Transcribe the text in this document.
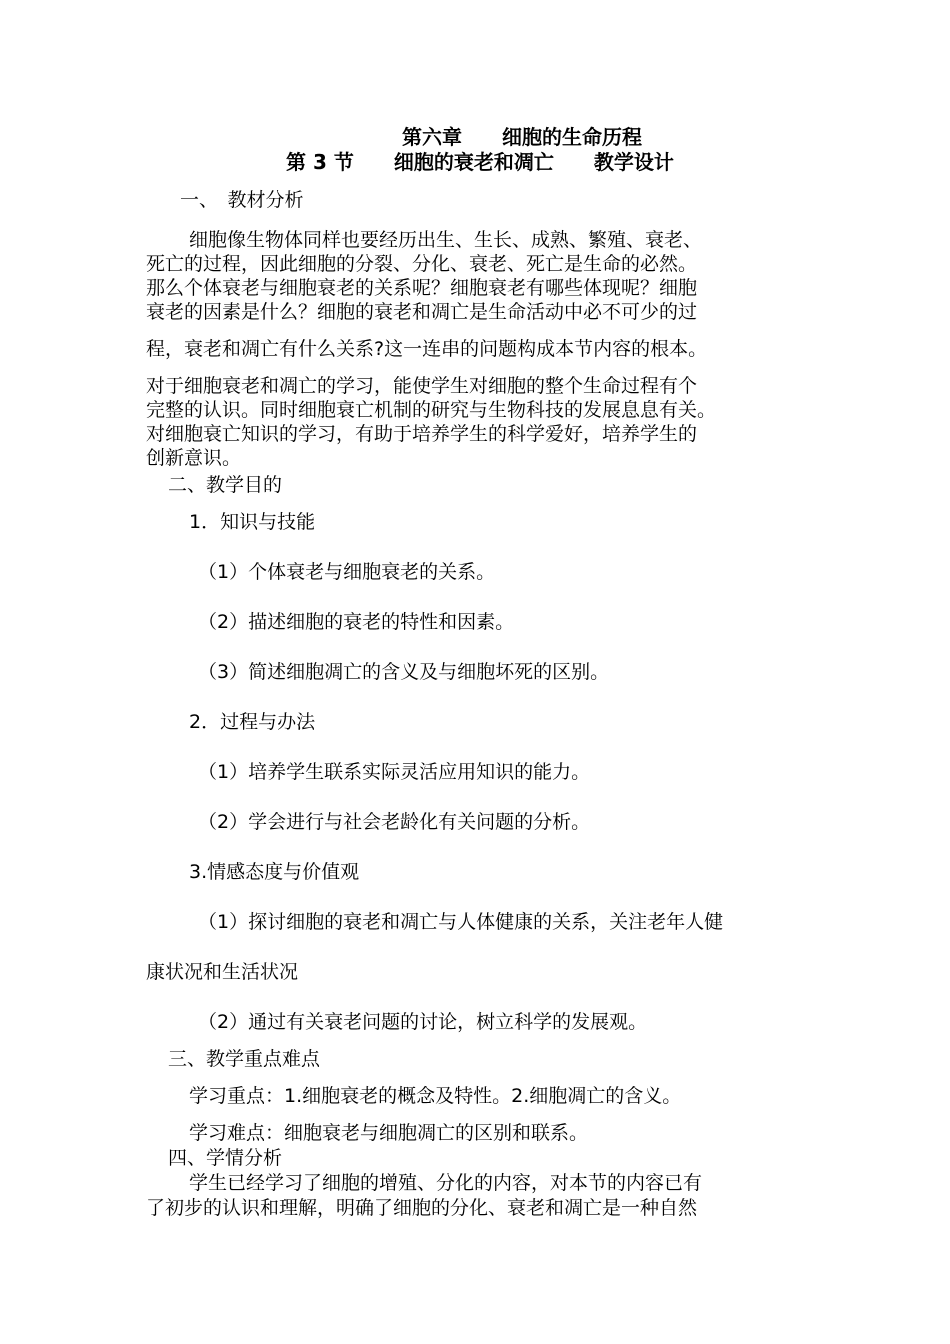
第六章　　细胞的生命历程
第 3 节　　细胞的衰老和凋亡　　教学设计
一、　教材分析
细胞像生物体同样也要经历出生、生长、成熟、繁殖、衰老、
死亡的过程，因此细胞的分裂、分化、衰老、死亡是生命的必然。
那么个体衰老与细胞衰老的关系呢？细胞衰老有哪些体现呢？细胞
衰老的因素是什么？细胞的衰老和凋亡是生命活动中必不可少的过
程，衰老和凋亡有什么关系?这一连串的问题构成本节内容的根本。
对于细胞衰老和凋亡的学习，能使学生对细胞的整个生命过程有个
完整的认识。同时细胞衰亡机制的研究与生物科技的发展息息有关。
对细胞衰亡知识的学习，有助于培养学生的科学爱好，培养学生的
创新意识。
二、教学目的
1．知识与技能
（1）个体衰老与细胞衰老的关系。
（2）描述细胞的衰老的特性和因素。
（3）简述细胞凋亡的含义及与细胞坏死的区别。
2．过程与办法
（1）培养学生联系实际灵活应用知识的能力。
（2）学会进行与社会老龄化有关问题的分析。
3.情感态度与价值观
（1）探讨细胞的衰老和凋亡与人体健康的关系，关注老年人健
康状况和生活状况
（2）通过有关衰老问题的讨论，树立科学的发展观。
三、教学重点难点
学习重点：1.细胞衰老的概念及特性。2.细胞凋亡的含义。
学习难点：细胞衰老与细胞凋亡的区别和联系。
四、学情分析
学生已经学习了细胞的增殖、分化的内容，对本节的内容已有
了初步的认识和理解，明确了细胞的分化、衰老和凋亡是一种自然
